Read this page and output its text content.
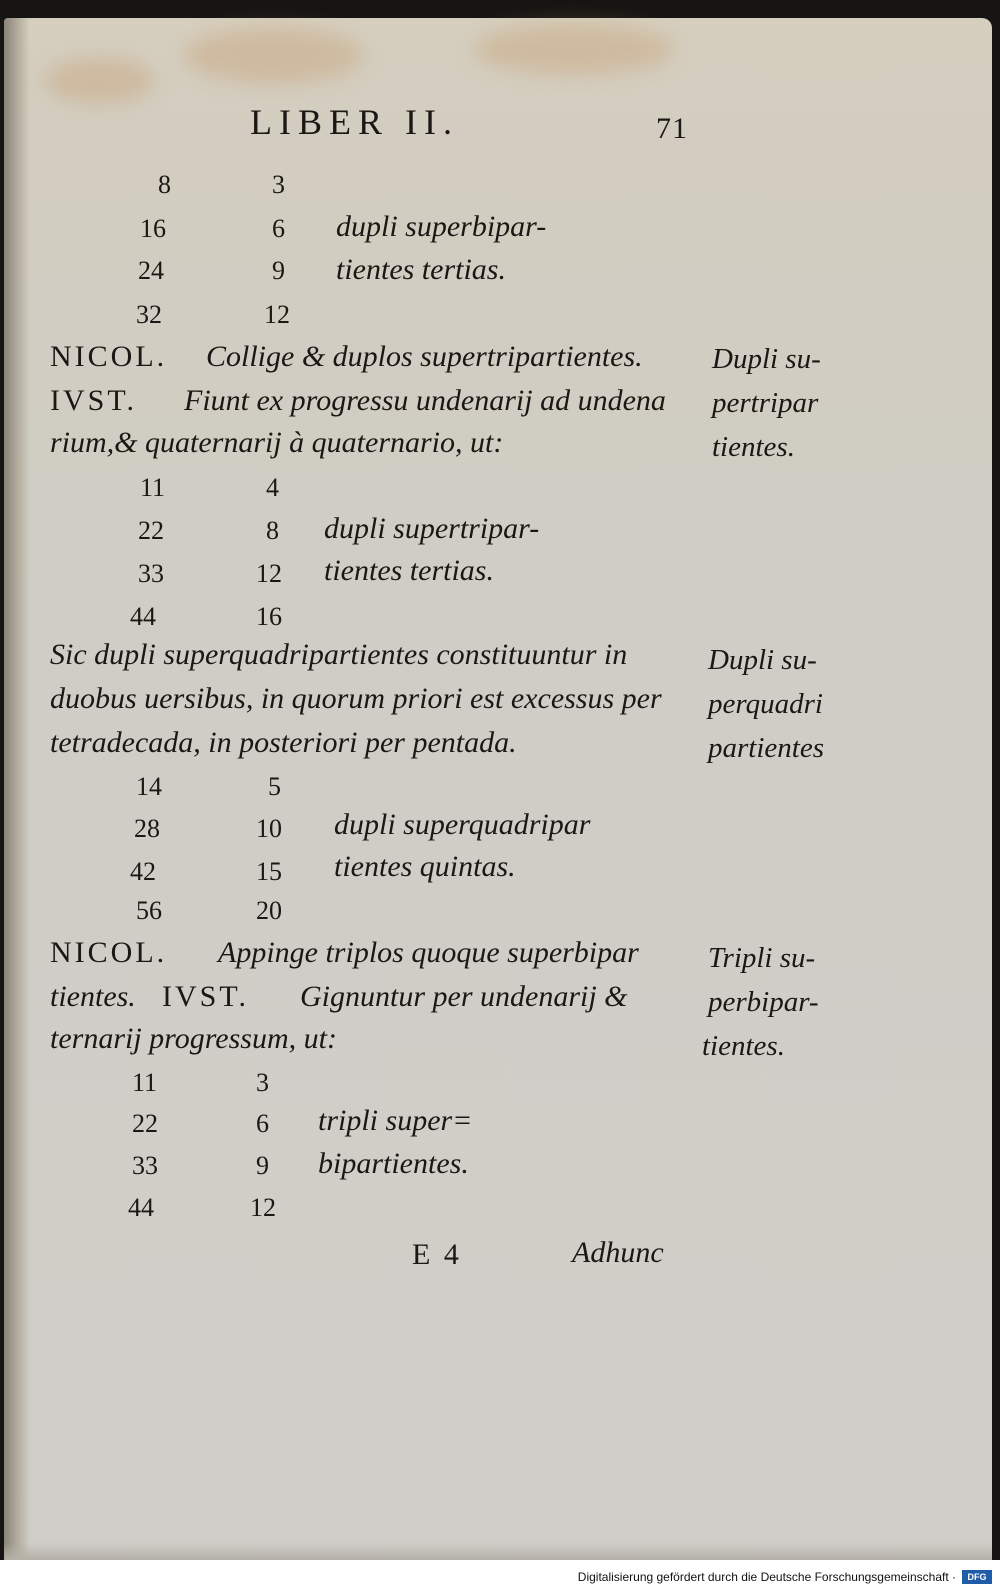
LIBER II.	71
8	3
16	6
24	9
32	12
dupli superbipar-
tientes tertias.
NICOL. Collige & duplos supertripartientes.
IVST. Fiunt ex progressu undenarij ad undena
rium,& quaternarij à quaternario, ut:
Dupli su-
pertripar
tientes.
11	4
22	8
33	12
44	16
dupli supertripar-
tientes tertias.
Sic dupli superquadripartientes constituuntur in
duobus uersibus, in quorum priori est excessus per
tetradecada, in posteriori per pentada.
Dupli su-
perquadri
partientes
14	5
28	10
42	15
56	20
dupli superquadripar
tientes quintas.
NICOL. Appinge triplos quoque superbipar
tientes. IVST. Gignuntur per undenarij &
ternarij progressum, ut:
Tripli su-
perbipar-
tientes.
11	3
22	6
33	9
44	12
tripli super=
bipartientes.
E 4	Adhunc
Digitalisierung gefördert durch die Deutsche Forschungsgemeinschaft ·	DFG
